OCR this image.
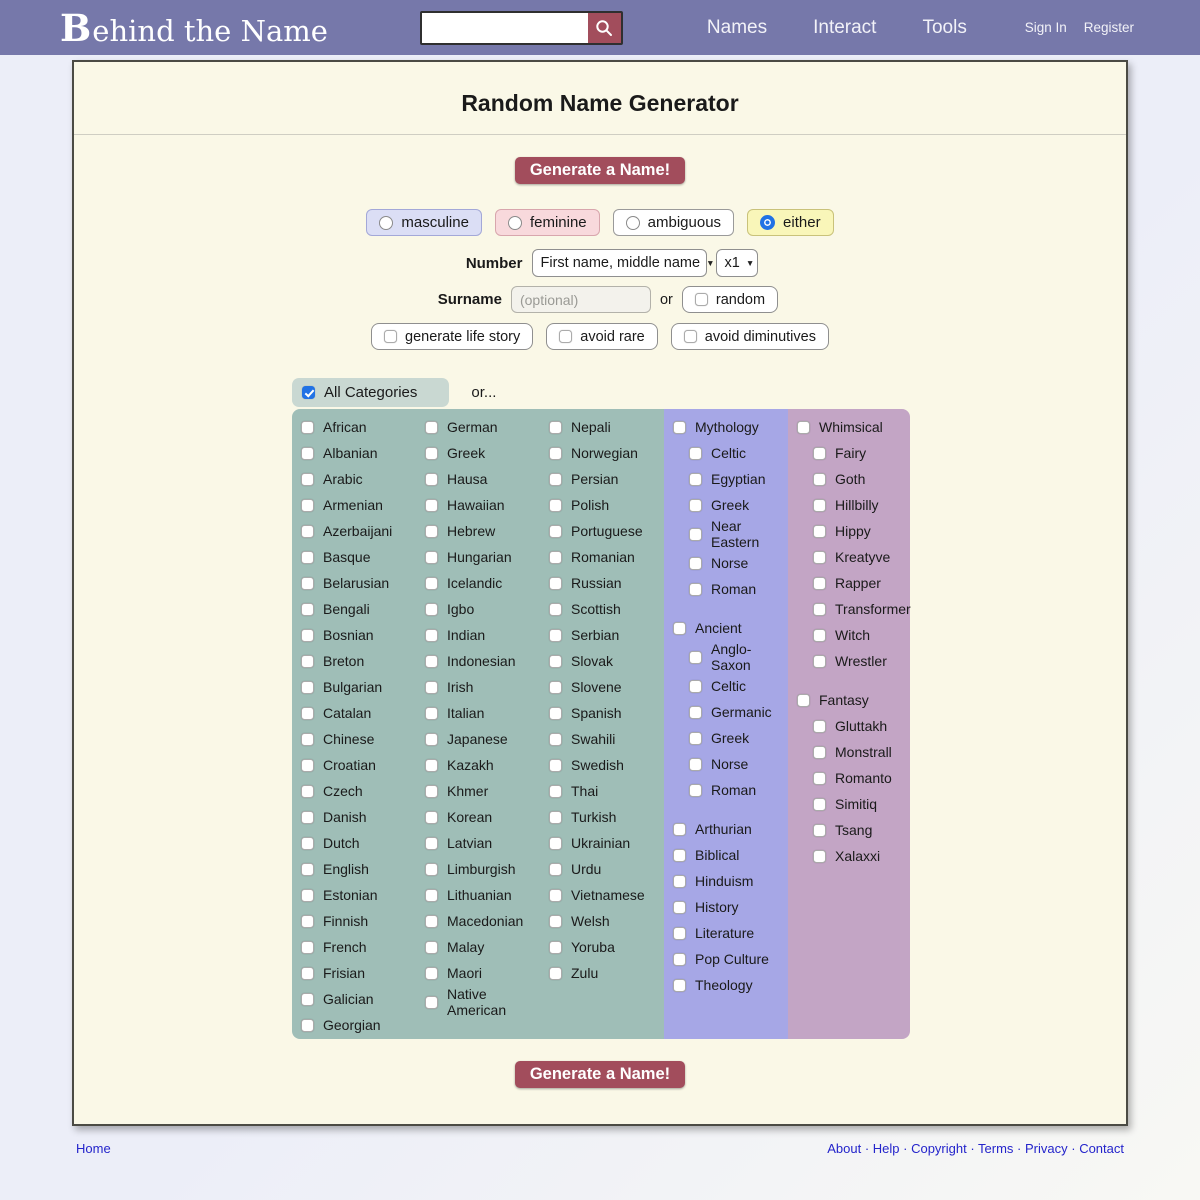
Behind the Name	Names Interact Tools	Sign In Register
Random Name Generator
Generate a Name!
masculine	feminine	ambiguous	either
Number First name, middle name ▼ x1 ▼
Surname
(optional)	or	random
generate life story	avoid rare	avoid diminutives
All Categories	or...
African
Albanian
Arabic
Armenian
Azerbaijani
Basque
Belarusian
Bengali
Bosnian
Breton
Bulgarian
Catalan
Chinese
Croatian
Czech
Danish
Dutch
English
Estonian
Finnish
French
Frisian
Galician
Georgian
German
Greek
Hausa
Hawaiian
Hebrew
Hungarian
Icelandic
Igbo
Indian
Indonesian
Irish
Italian
Japanese
Kazakh
Khmer
Korean
Latvian
Limburgish
Lithuanian
Macedonian
Malay
Maori
Native American
Nepali
Norwegian
Persian
Polish
Portuguese
Romanian
Russian
Scottish
Serbian
Slovak
Slovene
Spanish
Swahili
Swedish
Thai
Turkish
Ukrainian
Urdu
Vietnamese
Welsh
Yoruba
Zulu
Mythology
Celtic
Egyptian
Greek
Near Eastern
Norse
Roman
Ancient
Anglo-Saxon
Celtic
Germanic
Greek
Norse
Roman
Arthurian
Biblical
Hinduism
History
Literature
Pop Culture
Theology
Whimsical
Fairy
Goth
Hillbilly
Hippy
Kreatyve
Rapper
Transformer
Witch
Wrestler
Fantasy
Gluttakh
Monstrall
Romanto
Simitiq
Tsang
Xalaxxi
Generate a Name!
Home	About · Help · Copyright · Terms · Privacy · Contact
